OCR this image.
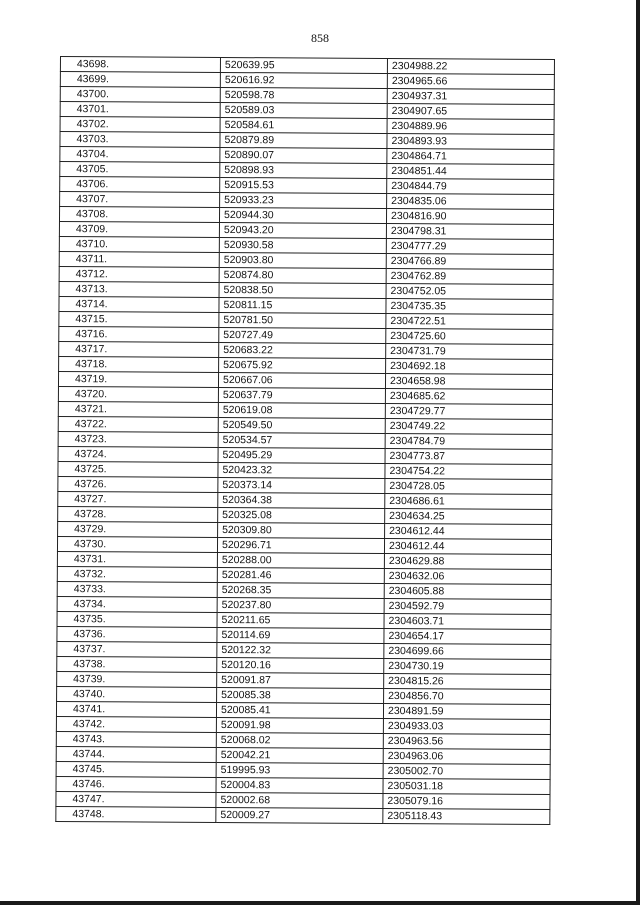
858
43698.	520639.95	2304988.22
43699.	520616.92	2304965.66
43700.	520598.78	2304937.31
43701.	520589.03	2304907.65
43702.	520584.61	2304889.96
43703.	520879.89	2304893.93
43704.	520890.07	2304864.71
43705.	520898.93	2304851.44
43706.	520915.53	2304844.79
43707.	520933.23	2304835.06
43708.	520944.30	2304816.90
43709.	520943.20	2304798.31
43710.	520930.58	2304777.29
43711.	520903.80	2304766.89
43712.	520874.80	2304762.89
43713.	520838.50	2304752.05
43714.	520811.15	2304735.35
43715.	520781.50	2304722.51
43716.	520727.49	2304725.60
43717.	520683.22	2304731.79
43718.	520675.92	2304692.18
43719.	520667.06	2304658.98
43720.	520637.79	2304685.62
43721.	520619.08	2304729.77
43722.	520549.50	2304749.22
43723.	520534.57	2304784.79
43724.	520495.29	2304773.87
43725.	520423.32	2304754.22
43726.	520373.14	2304728.05
43727.	520364.38	2304686.61
43728.	520325.08	2304634.25
43729.	520309.80	2304612.44
43730.	520296.71	2304612.44
43731.	520288.00	2304629.88
43732.	520281.46	2304632.06
43733.	520268.35	2304605.88
43734.	520237.80	2304592.79
43735.	520211.65	2304603.71
43736.	520114.69	2304654.17
43737.	520122.32	2304699.66
43738.	520120.16	2304730.19
43739.	520091.87	2304815.26
43740.	520085.38	2304856.70
43741.	520085.41	2304891.59
43742.	520091.98	2304933.03
43743.	520068.02	2304963.56
43744.	520042.21	2304963.06
43745.	519995.93	2305002.70
43746.	520004.83	2305031.18
43747.	520002.68	2305079.16
43748.	520009.27	2305118.43
